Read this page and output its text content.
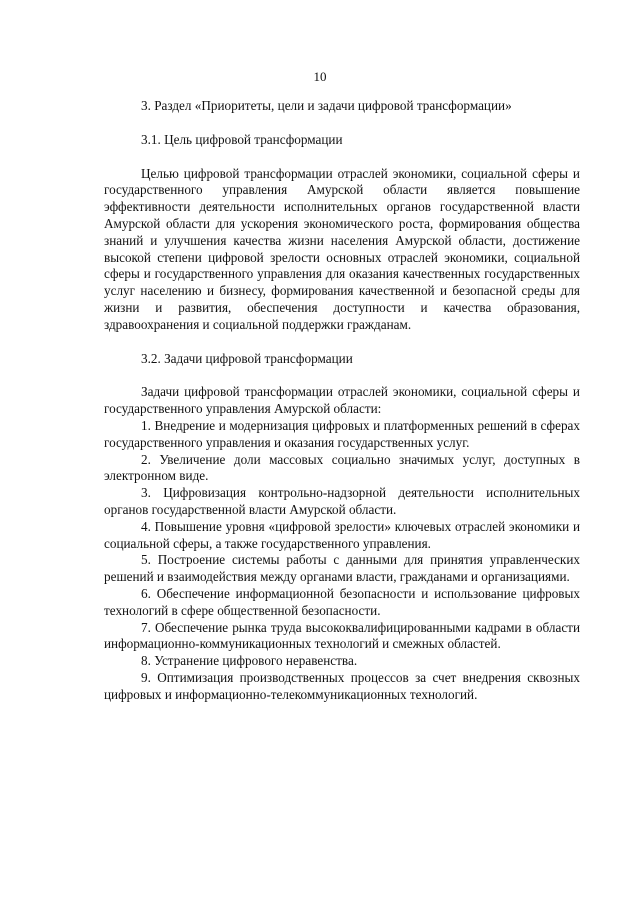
10

3. Раздел «Приоритеты, цели и задачи цифровой трансформации»

3.1. Цель цифровой трансформации

Целью цифровой трансформации отраслей экономики, социальной сферы и государственного управления Амурской области является повышение эффективности деятельности исполнительных органов государственной власти Амурской области для ускорения экономического роста, формирования общества знаний и улучшения качества жизни населения Амурской области, достижение высокой степени цифровой зрелости основных отраслей экономики, социальной сферы и государственного управления для оказания качественных государственных услуг населению и бизнесу, формирования качественной и безопасной среды для жизни и развития, обеспечения доступности и качества образования, здравоохранения и социальной поддержки гражданам.

3.2. Задачи цифровой трансформации

Задачи цифровой трансформации отраслей экономики, социальной сферы и государственного управления Амурской области:

1. Внедрение и модернизация цифровых и платформенных решений в сферах государственного управления и оказания государственных услуг.

2. Увеличение доли массовых социально значимых услуг, доступных в электронном виде.

3. Цифровизация контрольно-надзорной деятельности исполнительных органов государственной власти Амурской области.

4. Повышение уровня «цифровой зрелости» ключевых отраслей экономики и социальной сферы, а также государственного управления.

5. Построение системы работы с данными для принятия управленческих решений и взаимодействия между органами власти, гражданами и организациями.

6. Обеспечение информационной безопасности и использование цифровых технологий в сфере общественной безопасности.

7. Обеспечение рынка труда высококвалифицированными кадрами в области информационно-коммуникационных технологий и смежных областей.

8. Устранение цифрового неравенства.

9. Оптимизация производственных процессов за счет внедрения сквозных цифровых и информационно-телекоммуникационных технологий.
